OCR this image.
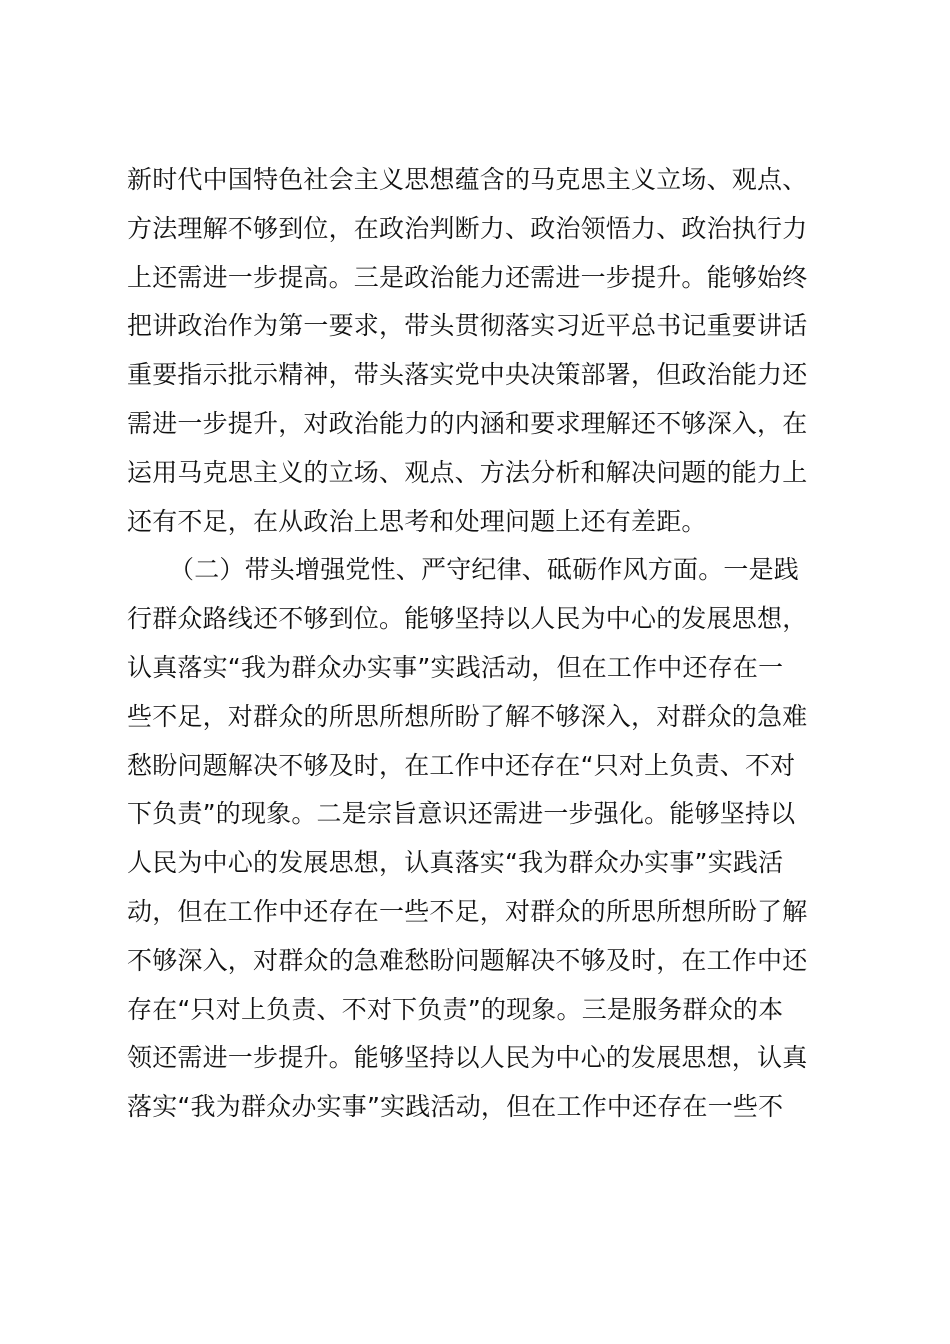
新时代中国特色社会主义思想蕴含的马克思主义立场、观点、
方法理解不够到位，在政治判断力、政治领悟力、政治执行力
上还需进一步提高。三是政治能力还需进一步提升。能够始终
把讲政治作为第一要求，带头贯彻落实习近平总书记重要讲话
重要指示批示精神，带头落实党中央决策部署，但政治能力还
需进一步提升，对政治能力的内涵和要求理解还不够深入，在
运用马克思主义的立场、观点、方法分析和解决问题的能力上
还有不足，在从政治上思考和处理问题上还有差距。
（二）带头增强党性、严守纪律、砥砺作风方面。一是践
行群众路线还不够到位。能够坚持以人民为中心的发展思想，
认真落实“我为群众办实事”实践活动，但在工作中还存在一
些不足，对群众的所思所想所盼了解不够深入，对群众的急难
愁盼问题解决不够及时，在工作中还存在“只对上负责、不对
下负责”的现象。二是宗旨意识还需进一步强化。能够坚持以
人民为中心的发展思想，认真落实“我为群众办实事”实践活
动，但在工作中还存在一些不足，对群众的所思所想所盼了解
不够深入，对群众的急难愁盼问题解决不够及时，在工作中还
存在“只对上负责、不对下负责”的现象。三是服务群众的本
领还需进一步提升。能够坚持以人民为中心的发展思想，认真
落实“我为群众办实事”实践活动，但在工作中还存在一些不
